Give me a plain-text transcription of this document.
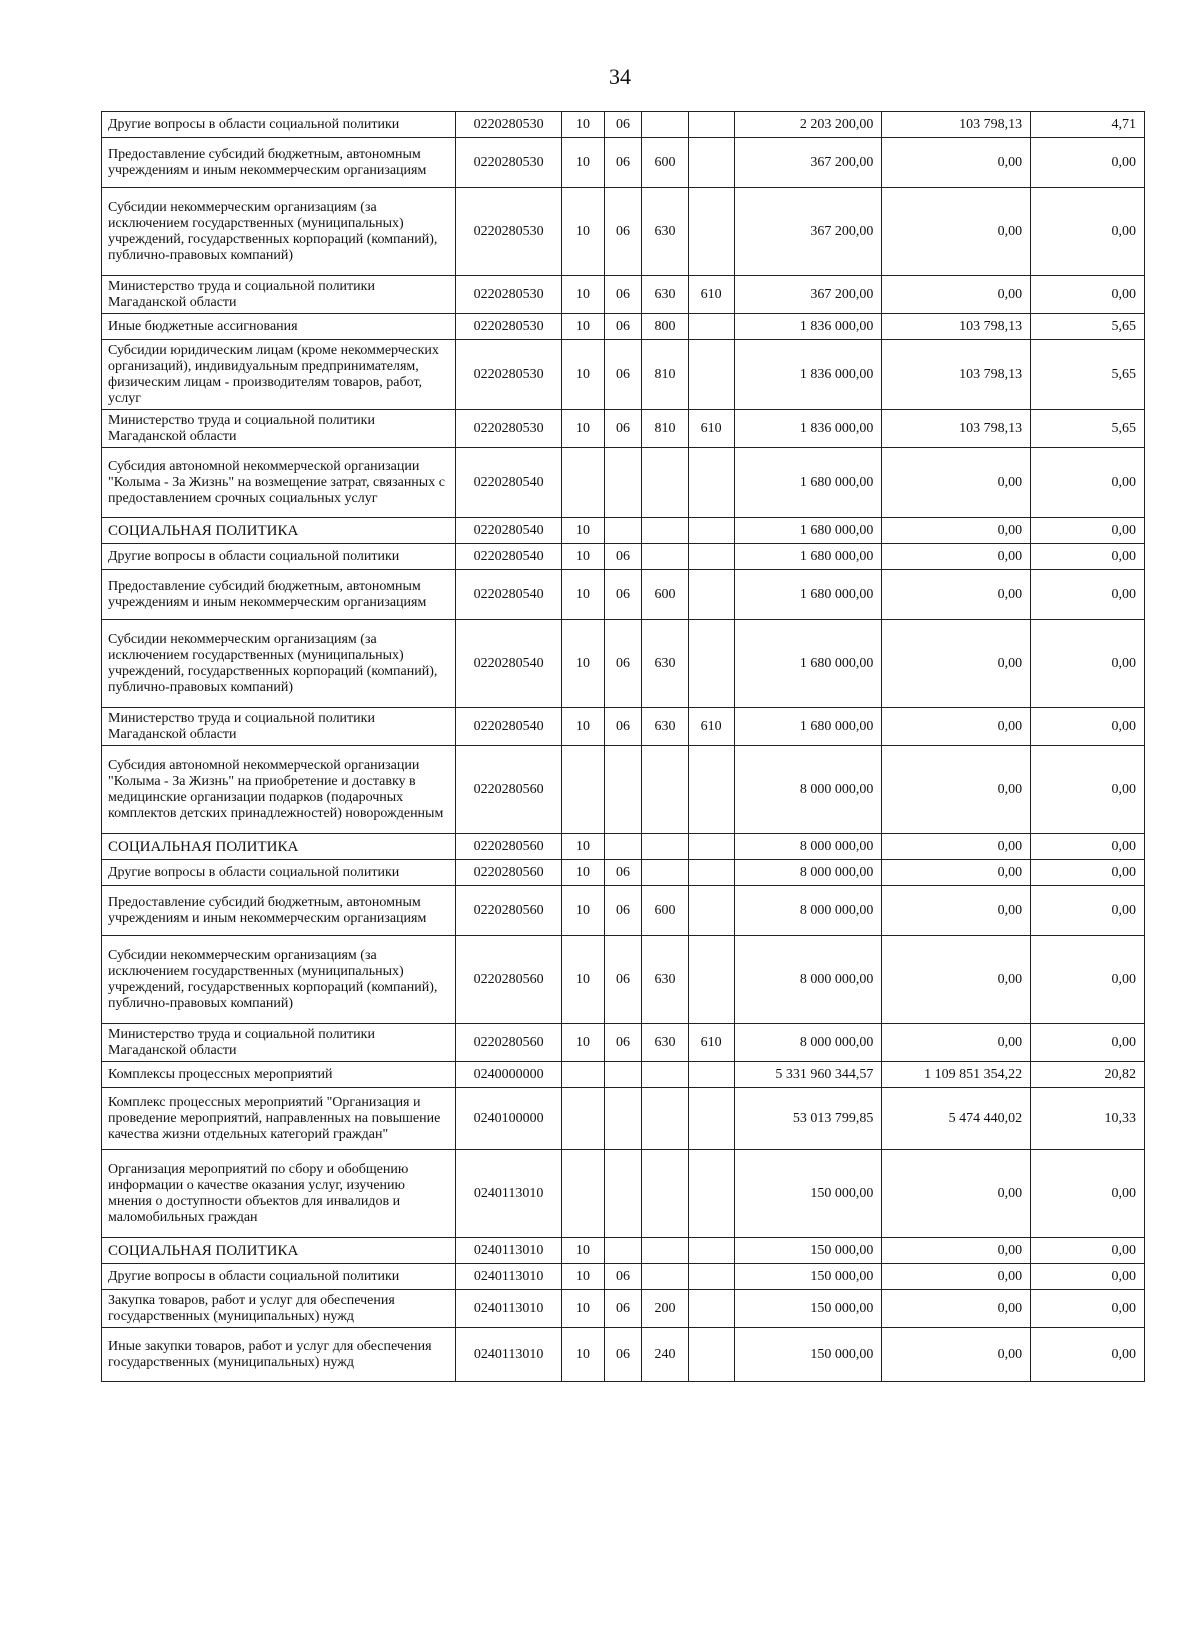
34
Другие вопросы в области социальной политики	0220280530	10	06			2 203 200,00	103 798,13	4,71
Предоставление субсидий бюджетным, автономным учреждениям и иным некоммерческим организациям	0220280530	10	06	600		367 200,00	0,00	0,00
Субсидии некоммерческим организациям (за исключением государственных (муниципальных) учреждений, государственных корпораций (компаний), публично-правовых компаний)	0220280530	10	06	630		367 200,00	0,00	0,00
Министерство труда и социальной политики Магаданской области	0220280530	10	06	630	610	367 200,00	0,00	0,00
Иные бюджетные ассигнования	0220280530	10	06	800		1 836 000,00	103 798,13	5,65
Субсидии юридическим лицам (кроме некоммерческих организаций), индивидуальным предпринимателям, физическим лицам - производителям товаров, работ, услуг	0220280530	10	06	810		1 836 000,00	103 798,13	5,65
Министерство труда и социальной политики Магаданской области	0220280530	10	06	810	610	1 836 000,00	103 798,13	5,65
Субсидия автономной некоммерческой организации "Колыма - За Жизнь" на возмещение затрат, связанных с предоставлением срочных социальных услуг	0220280540					1 680 000,00	0,00	0,00
СОЦИАЛЬНАЯ ПОЛИТИКА	0220280540	10				1 680 000,00	0,00	0,00
Другие вопросы в области социальной политики	0220280540	10	06			1 680 000,00	0,00	0,00
Предоставление субсидий бюджетным, автономным учреждениям и иным некоммерческим организациям	0220280540	10	06	600		1 680 000,00	0,00	0,00
Субсидии некоммерческим организациям (за исключением государственных (муниципальных) учреждений, государственных корпораций (компаний), публично-правовых компаний)	0220280540	10	06	630		1 680 000,00	0,00	0,00
Министерство труда и социальной политики Магаданской области	0220280540	10	06	630	610	1 680 000,00	0,00	0,00
Субсидия автономной некоммерческой организации "Колыма - За Жизнь" на приобретение и доставку в медицинские организации подарков (подарочных комплектов детских принадлежностей) новорожденным	0220280560					8 000 000,00	0,00	0,00
СОЦИАЛЬНАЯ ПОЛИТИКА	0220280560	10				8 000 000,00	0,00	0,00
Другие вопросы в области социальной политики	0220280560	10	06			8 000 000,00	0,00	0,00
Предоставление субсидий бюджетным, автономным учреждениям и иным некоммерческим организациям	0220280560	10	06	600		8 000 000,00	0,00	0,00
Субсидии некоммерческим организациям (за исключением государственных (муниципальных) учреждений, государственных корпораций (компаний), публично-правовых компаний)	0220280560	10	06	630		8 000 000,00	0,00	0,00
Министерство труда и социальной политики Магаданской области	0220280560	10	06	630	610	8 000 000,00	0,00	0,00
Комплексы процессных мероприятий	0240000000					5 331 960 344,57	1 109 851 354,22	20,82
Комплекс процессных мероприятий "Организация и проведение мероприятий, направленных на повышение качества жизни отдельных категорий граждан"	0240100000					53 013 799,85	5 474 440,02	10,33
Организация мероприятий по сбору и обобщению информации о качестве оказания услуг, изучению мнения о доступности объектов для инвалидов и маломобильных граждан	0240113010					150 000,00	0,00	0,00
СОЦИАЛЬНАЯ ПОЛИТИКА	0240113010	10				150 000,00	0,00	0,00
Другие вопросы в области социальной политики	0240113010	10	06			150 000,00	0,00	0,00
Закупка товаров, работ и услуг для обеспечения государственных (муниципальных) нужд	0240113010	10	06	200		150 000,00	0,00	0,00
Иные закупки товаров, работ и услуг для обеспечения государственных (муниципальных) нужд	0240113010	10	06	240		150 000,00	0,00	0,00
